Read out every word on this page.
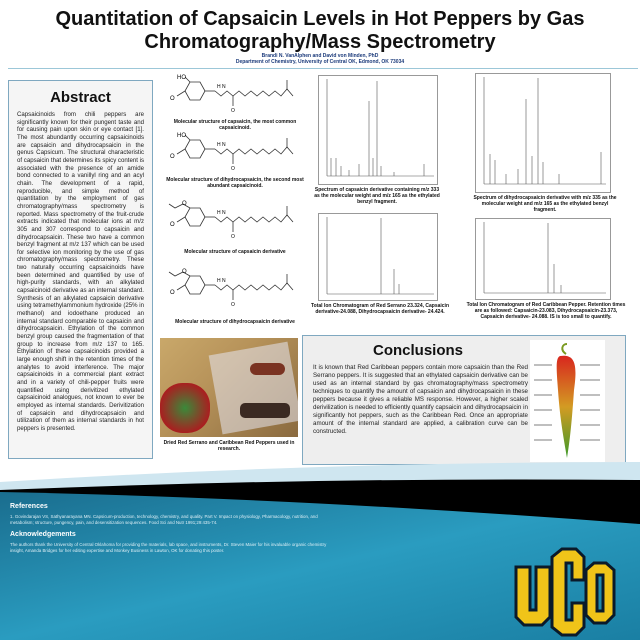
Quantitation of Capsaicin Levels in Hot Peppers by Gas Chromatography/Mass Spectrometry
Brandi N. VanAlphen and David von Minden, PhD
Department of Chemistry, University of Central OK, Edmond, OK 73034
Abstract

Capsaicinoids from chili peppers are significantly known for their pungent taste and for causing pain upon skin or eye contact [1]. The most abundantly occurring capsaicinoids are capsaicin and dihydrocapsaicin in the genus Capsicum. The structural characteristic of capsaicin that determines its spicy content is associated with the presence of an amide bond connected to a vanillyl ring and an acyl chain. The development of a rapid, reproducible, and simple method of quantitation by the employment of gas chromatography/mass spectrometry is reported. Mass spectrometry of the fruit-crude extracts indicated that molecular ions at m/z 305 and 307 correspond to capsaicin and dihydrocapsaicin. These two have a common benzyl fragment at m/z 137 which can be used for selective ion monitoring by the use of gas chromatography/mass spectrometry. These two naturally occurring capsaicinoids have been determined and quantified by use of high-purity standards, with an alkylated capsaicinoid derivative as an internal standard. Synthesis of an alkylated capsaicin derivative using tetramethylammonium hydroxide (25% in methanol) and iodoethane produced an internal standard comparable to capsaicin and dihydrocapsaicin. Ethylation of the common benzyl group caused the fragmentation of that group to increase from m/z 137 to 165. Ethylation of these capsaicinoids provided a large enough shift in the retention times of the analytes to avoid interference. The major capsaicinoids in a commercial plant extract and in a variety of chili-pepper fruits were quantified using derivitized ethylated capsaicinoid analogues, not known to ever be employed as internal standards. Derivitization of capsaicin and dihydrocapsaicin and utilization of them as internal standards in hot peppers is presented.

HO
O
H N
O
Molecular structure of capsaicin, the most common capsaicinoid.
HO
O
H N
O
Molecular structure of dihydrocapsaicin, the second most abundant capsaicinoid.
O
O
H N
O
Molecular structure of capsaicin derivative
O
O
H N
O
Molecular structure of dihydrocapsaicin derivative
Spectrum of capsaicin derivative containing m/z 333 as the molecular weight and m/z 165 as the ethylated benzyl fragment.
Spectrum of dihydrocapsaicin derivative with m/z 335 as the molecular weight and m/z 165 as the ethylated benzyl fragment.
Total Ion Chromatogram of Red Serrano 23.324, Capsaicin derivative-24.088, Dihydrocapsaicin derivative- 24.424.
Total Ion Chromatogram of Red Caribbean Pepper. Retention times are as followed: Capsaicin-23.083, Dihydrocapsaicin-23.373, Capsaicin derivative- 24.088. IS is too small to quantify.
Dried Red Serrano and Caribbean Red Peppers used in research.
Conclusions

It is known that Red Caribbean peppers contain more capsaicin than the Red Serrano peppers. It is suggested that an ethylated capsaicin derivative can be used as an internal standard by gas chromatography/mass spectrometry techniques to quantify the amount of capsaicin and dihydrocapsaicin in these peppers because it gives a reliable MS response. However, a higher scaled derivilization is needed to efficiently quantify capsaicin and dihydrocapsaicin in significantly hot peppers, such as the Caribbean Red. Once an appropriate amount of the internal standard are applied, a calibration curve can be constructed.

References

1. Govindarajan VS, Sathyanarayana MN. Capsicum-production, technology, chemistry, and quality. Part V. Impact on physiology, Pharmacology, nutrition, and metabolism; structure, pungency, pain, and desensitization sequences. Food Sci and Nutr 1991;29:435-74.

Acknowledgements

The authors thank the University of Central Oklahoma for providing the materials, lab space, and instruments, Dr. Steven Maier for his invaluable organic chemistry insight, Amanda Bridges for her editing expertise and Monkey Business in Lawton, OK for donating this poster.
